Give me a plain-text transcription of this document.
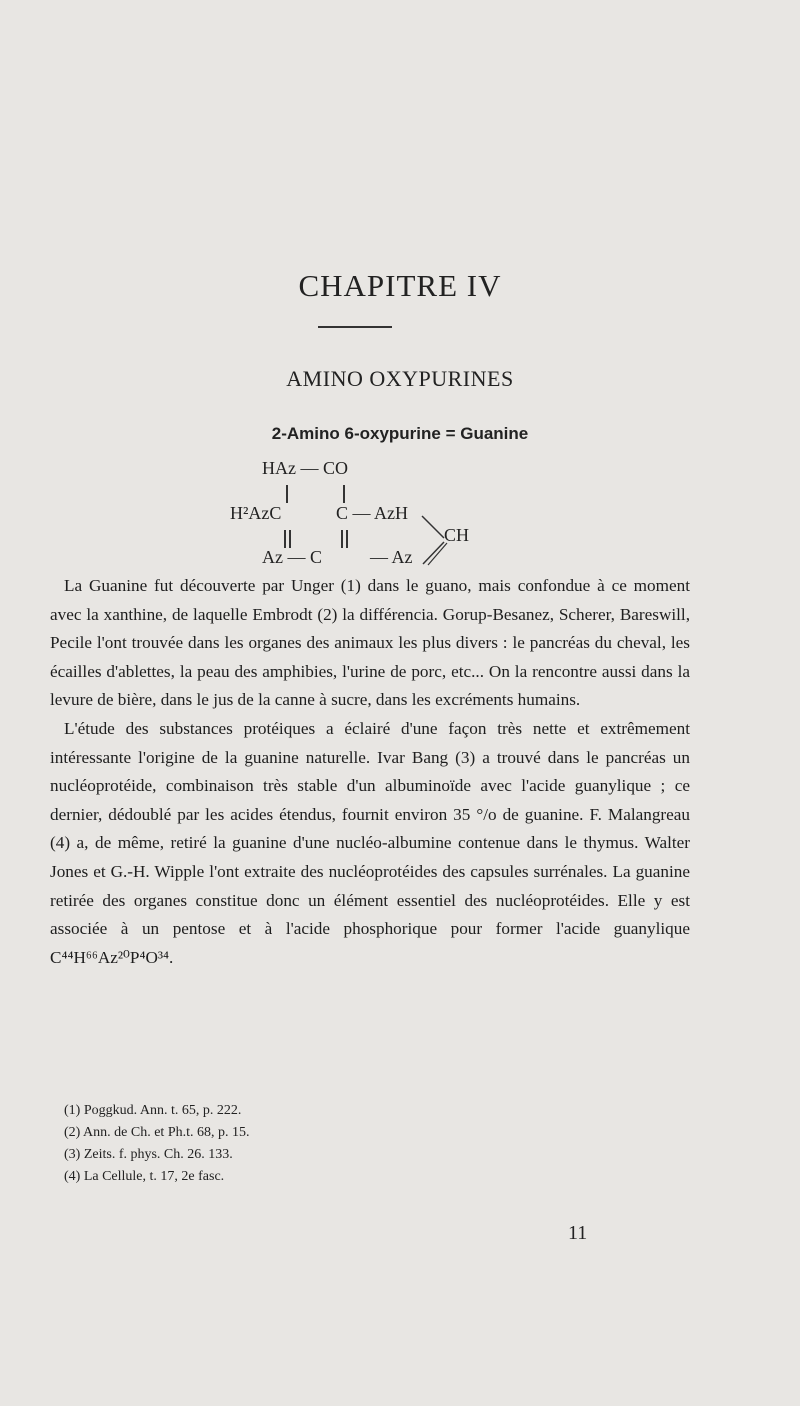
CHAPITRE IV
AMINO OXYPURINES
2-Amino 6-oxypurine = Guanine
HAz — CO
H²AzC	C — AzH
CH
Az — C	— Az

La Guanine fut découverte par Unger (1) dans le guano, mais confondue à ce moment avec la xanthine, de laquelle Embrodt (2) la différencia. Gorup-Besanez, Scherer, Bareswill, Pecile l'ont trouvée dans les organes des animaux les plus divers : le pancréas du cheval, les écailles d'ablettes, la peau des amphibies, l'urine de porc, etc... On la rencontre aussi dans la levure de bière, dans le jus de la canne à sucre, dans les excréments humains.

L'étude des substances protéiques a éclairé d'une façon très nette et extrêmement intéressante l'origine de la guanine naturelle. Ivar Bang (3) a trouvé dans le pancréas un nucléoprotéide, combinaison très stable d'un albuminoïde avec l'acide guanylique ; ce dernier, dédoublé par les acides étendus, fournit environ 35 °/o de guanine. F. Malangreau (4) a, de même, retiré la guanine d'une nucléo-albumine contenue dans le thymus. Walter Jones et G.-H. Wipple l'ont extraite des nucléoprotéides des capsules surrénales. La guanine retirée des organes constitue donc un élément essentiel des nucléoprotéides. Elle y est associée à un pentose et à l'acide phosphorique pour former l'acide guanylique C⁴⁴H⁶⁶Az²⁰P⁴O³⁴.

(1) Poggkud. Ann. t. 65, p. 222.
(2) Ann. de Ch. et Ph.t. 68, p. 15.
(3) Zeits. f. phys. Ch. 26. 133.
(4) La Cellule, t. 17, 2e fasc.
11
